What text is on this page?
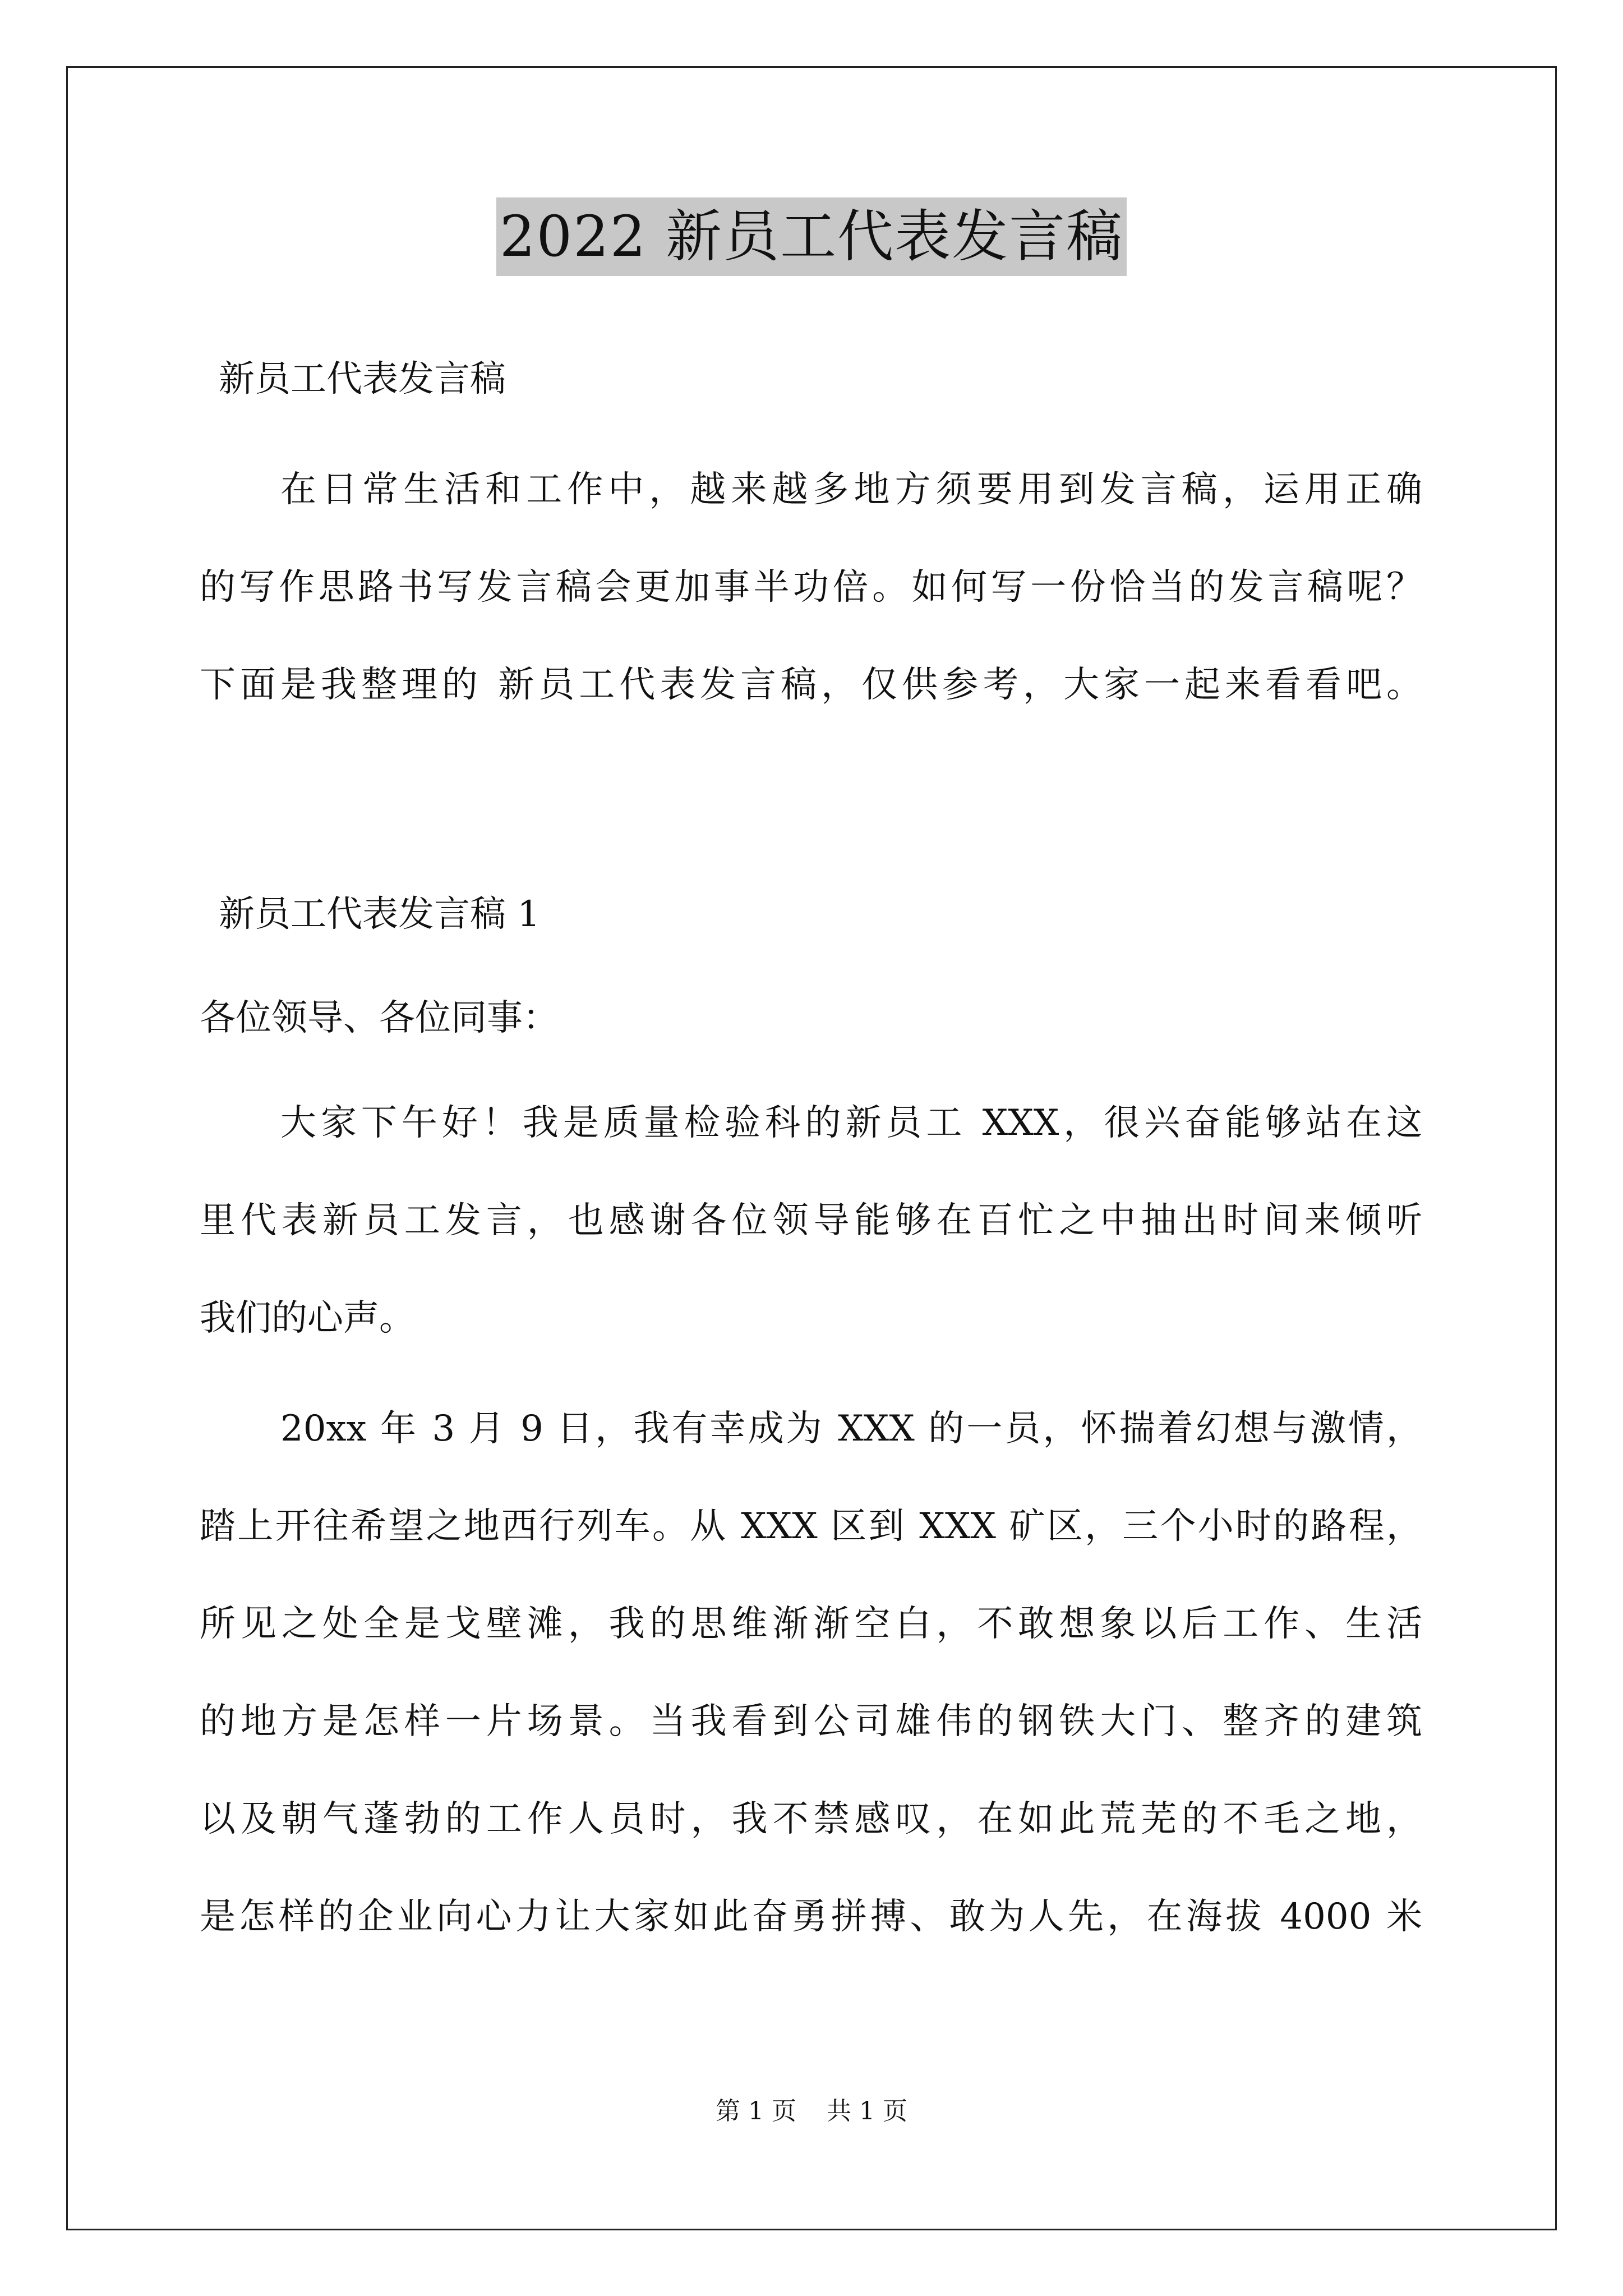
2022 新员工代表发言稿
新员工代表发言稿
在日常生活和工作中，越来越多地方须要用到发言稿，运用正确
的写作思路书写发言稿会更加事半功倍。如何写一份恰当的发言稿呢？
下面是我整理的 新员工代表发言稿，仅供参考，大家一起来看看吧。
新员工代表发言稿 1
各位领导、各位同事：
大家下午好！我是质量检验科的新员工 XXX，很兴奋能够站在这
里代表新员工发言，也感谢各位领导能够在百忙之中抽出时间来倾听
我们的心声。
20xx 年 3 月 9 日，我有幸成为 XXX 的一员，怀揣着幻想与激情，
踏上开往希望之地西行列车。从 XXX 区到 XXX 矿区，三个小时的路程，
所见之处全是戈壁滩，我的思维渐渐空白，不敢想象以后工作、生活
的地方是怎样一片场景。当我看到公司雄伟的钢铁大门、整齐的建筑
以及朝气蓬勃的工作人员时，我不禁感叹，在如此荒芜的不毛之地，
是怎样的企业向心力让大家如此奋勇拼搏、敢为人先，在海拔 4000 米
第 1 页 共 1 页
